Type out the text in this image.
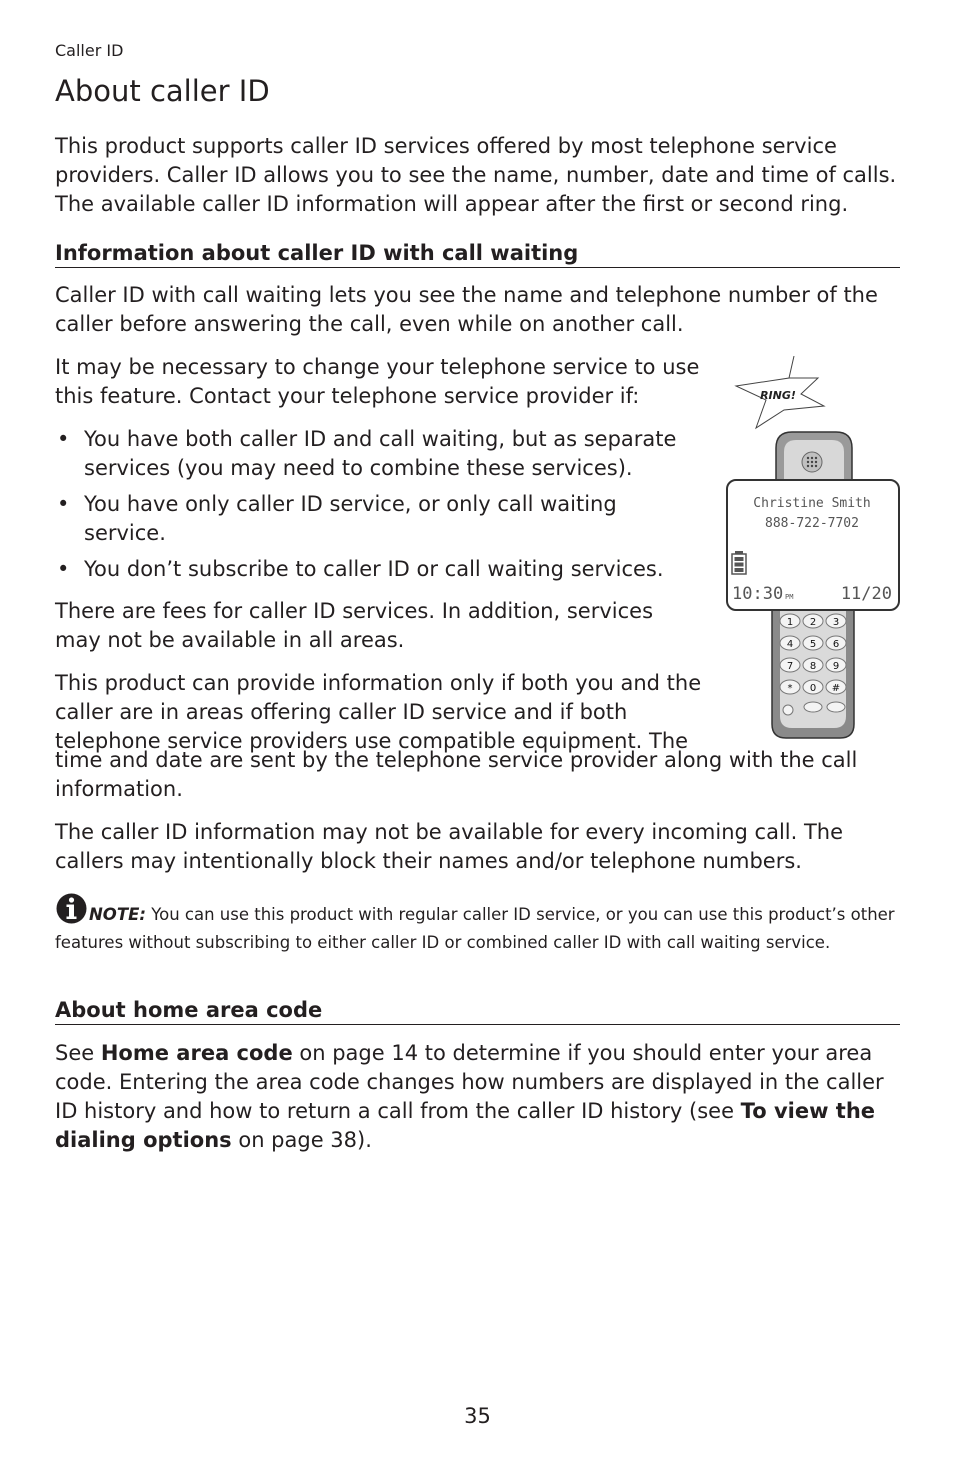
Caller ID
About caller ID

This product supports caller ID services offered by most telephone service providers. Caller ID allows you to see the name, number, date and time of calls. The available caller ID information will appear after the first or second ring.

Information about caller ID with call waiting

Caller ID with call waiting lets you see the name and telephone number of the caller before answering the call, even while on another call.

It may be necessary to change your telephone service to use this feature. Contact your telephone service provider if:

• You have both caller ID and call waiting, but as separate services (you may need to combine these services).
• You have only caller ID service, or only call waiting service.
• You don’t subscribe to caller ID or call waiting services.

There are fees for caller ID services. In addition, services may not be available in all areas.

This product can provide information only if both you and the caller are in areas offering caller ID service and if both telephone service providers use compatible equipment. The

time and date are sent by the telephone service provider along with the call information.

The caller ID information may not be available for every incoming call. The callers may intentionally block their names and/or telephone numbers.

NOTE: You can use this product with regular caller ID service, or you can use this product’s other features without subscribing to either caller ID or combined caller ID with call waiting service.
About home area code

See Home area code on page 14 to determine if you should enter your area code. Entering the area code changes how numbers are displayed in the caller ID history and how to return a call from the caller ID history (see To view the dialing options on page 38).

35
RING!
Christine Smith
888-722-7702
10:30 PM	11/20
1 2 3
4 5 6
7 8 9
* 0 #
